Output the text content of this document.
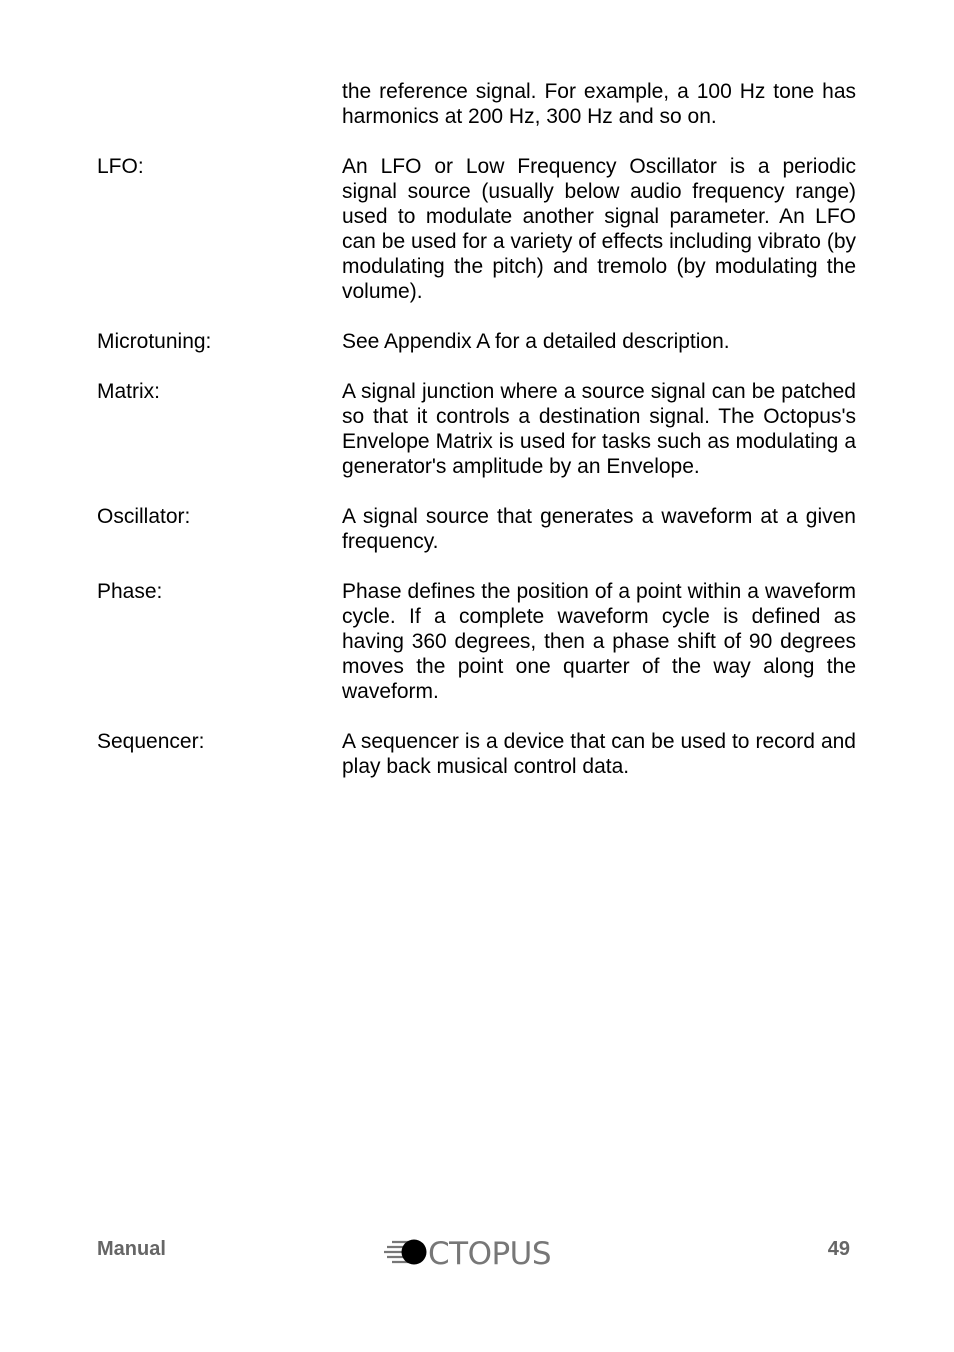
the reference signal. For example, a 100 Hz tone has harmonics at 200 Hz, 300 Hz and so on.
LFO:	An LFO or Low Frequency Oscillator is a periodic signal source (usually below audio frequency range) used to modulate another signal parameter. An LFO can be used for a variety of effects including vibrato (by modulating the pitch) and tremolo (by modulating the volume).
Microtuning:	See Appendix A for a detailed description.
Matrix:	A signal junction where a source signal can be patched so that it controls a destination signal. The Octopus's Envelope Matrix is used for tasks such as modulating a generator's amplitude by an Envelope.
Oscillator:	A signal source that generates a waveform at a given frequency.
Phase:	Phase defines the position of a point within a waveform cycle. If a complete waveform cycle is defined as having 360 degrees, then a phase shift of 90 degrees moves the point one quarter of the way along the waveform.
Sequencer:	A sequencer is a device that can be used to record and play back musical control data.
Manual	CTOPUS	49
